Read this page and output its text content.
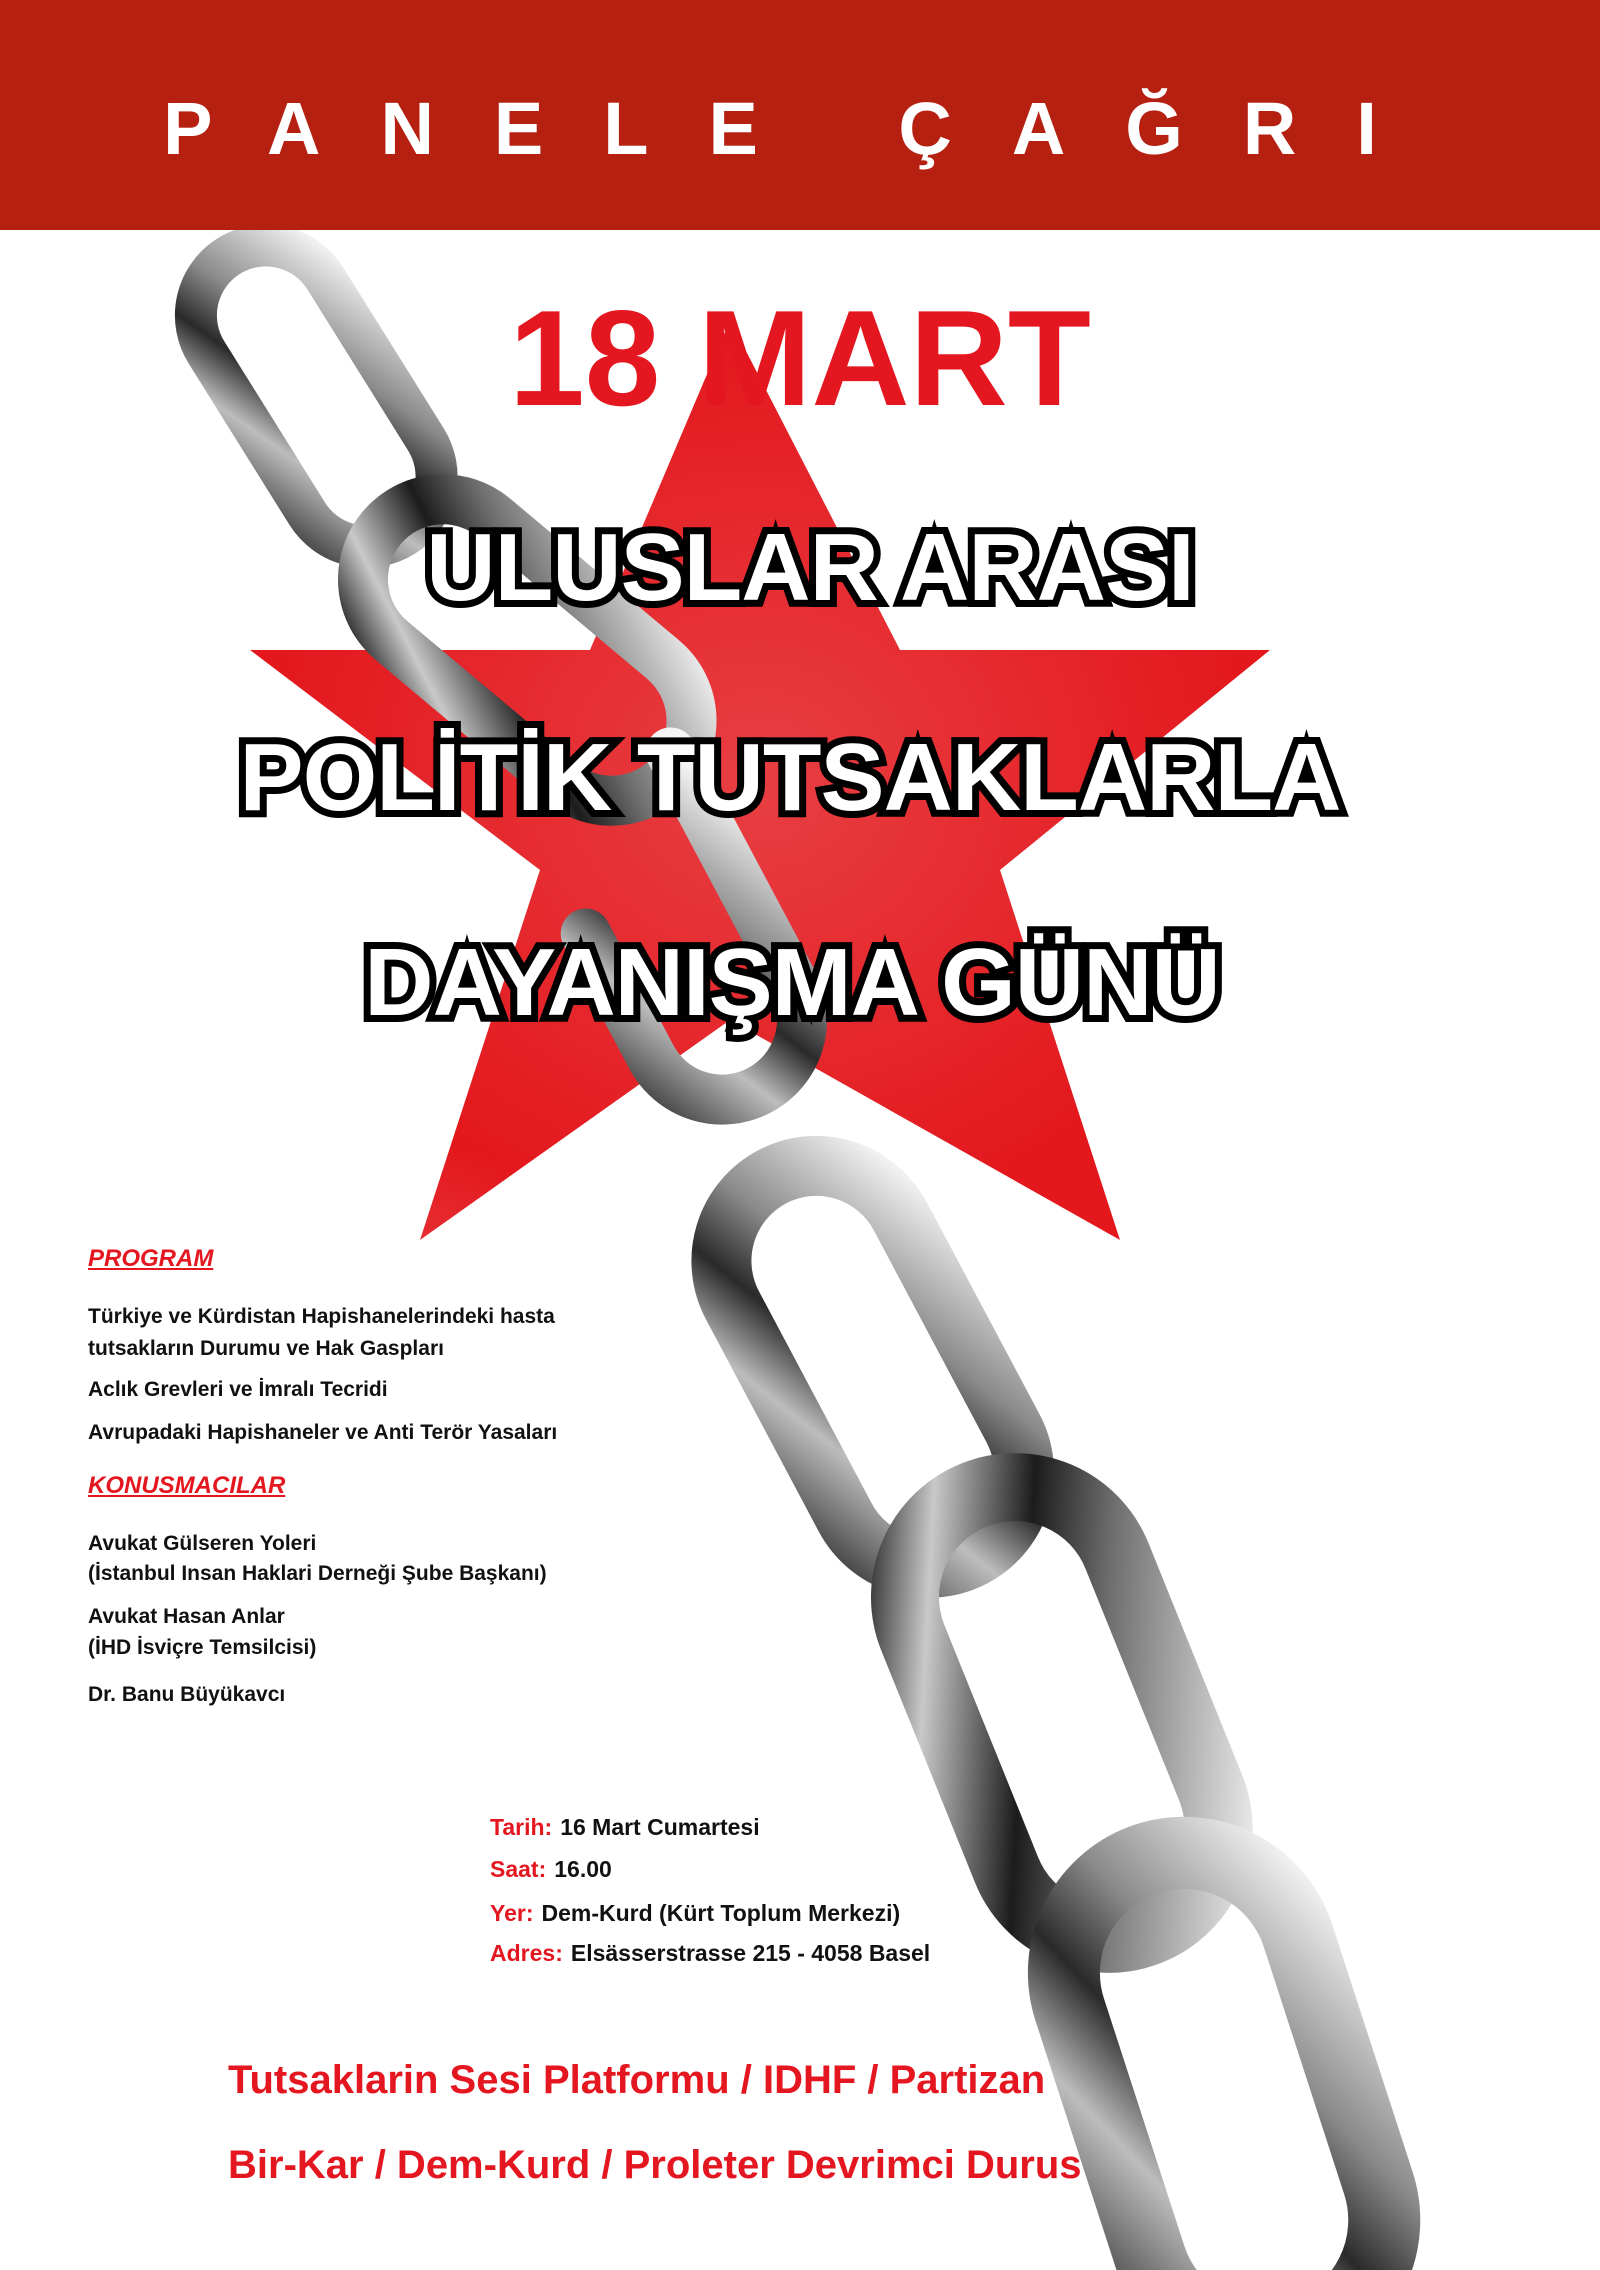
PANELE ÇAĞRI
18 MART
ULUSLAR ARASI
POLİTİK TUTSAKLARLA
DAYANIŞMA GÜNÜ
PROGRAM
Türkiye ve Kürdistan Hapishanelerindeki hasta
tutsakların Durumu ve Hak Gaspları
Aclık Grevleri ve İmralı Tecridi
Avrupadaki Hapishaneler ve Anti Terör Yasaları
KONUSMACILAR
Avukat Gülseren Yoleri
(İstanbul Insan Haklari Derneği Şube Başkanı)
Avukat Hasan Anlar
(İHD İsviçre Temsilcisi)
Dr. Banu Büyükavcı
Tarih: 16 Mart Cumartesi
Saat: 16.00
Yer: Dem-Kurd (Kürt Toplum Merkezi)
Adres: Elsässerstrasse 215 - 4058 Basel
Tutsaklarin Sesi Platformu / IDHF / Partizan
Bir-Kar / Dem-Kurd / Proleter Devrimci Durus
